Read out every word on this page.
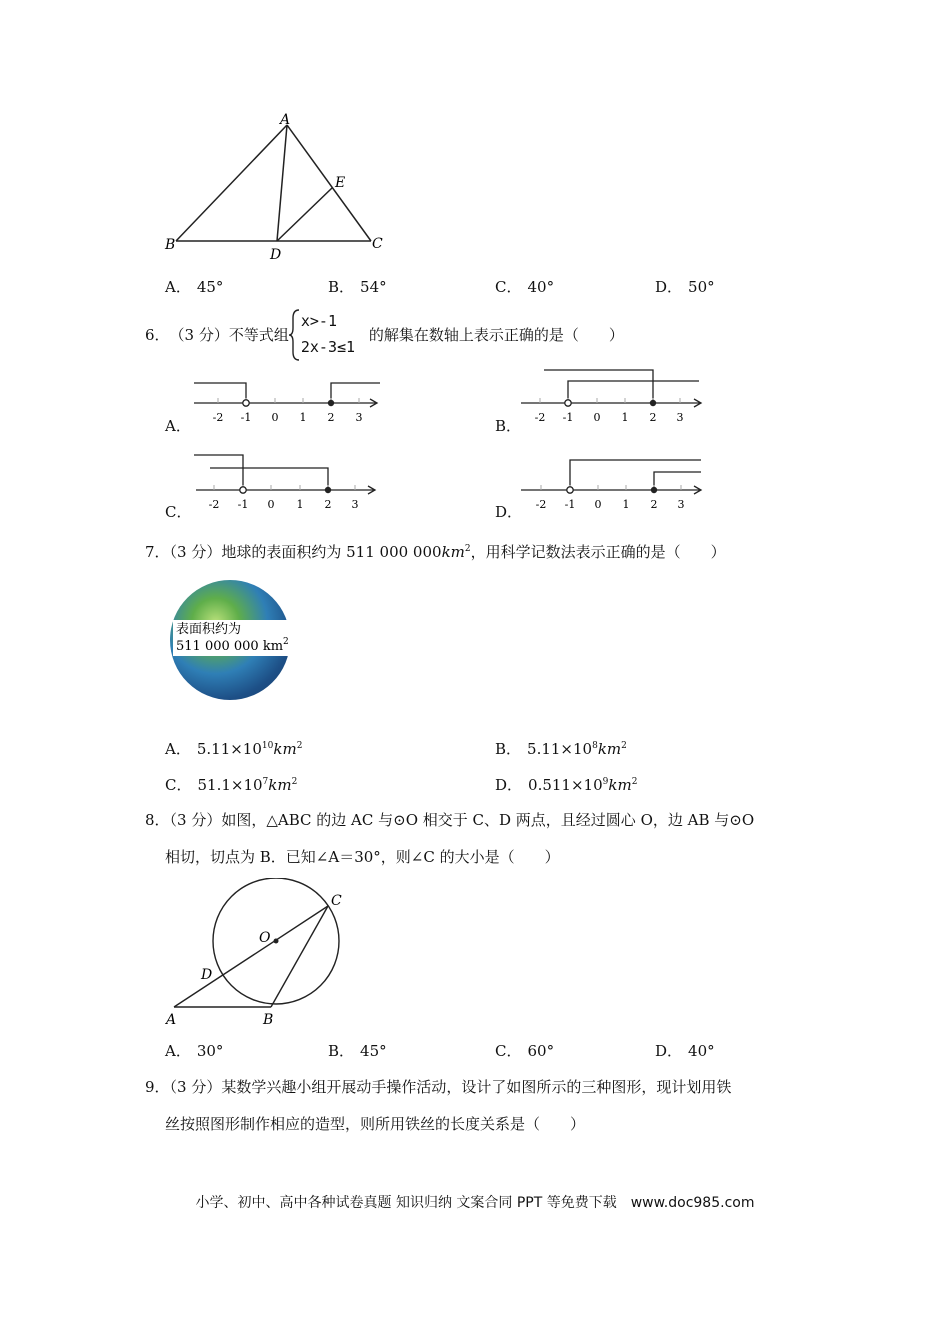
A
B	C
D
E
A． 45°	B． 54°	C． 40°	D． 50°
6． （3 分） 不等式组
x>-1
2x-3≤1
的解集在数轴上表示正确的是（　　）
A．	B．
C．	D．
-2 -1 0 1 2 3	-2 -1 0 1 2 3
-2 -1 0 1 2 3	-2 -1 0 1 2 3
7．（3 分）地球的表面积约为 511 000 $000km^2$，用科学记数法表示正确的是（　　）
表面积约为
511 000 000 $km^2$
A． $5.11\times 10^{10}km^2$	B． $5.11\times 10^8km^2$
C． $51.1\times 10^7km^2$	D． $0.511\times 10^9km^2$
8．（3 分）如图，△ABC 的边 AC 与⊙O 相交于 C、D 两点，且经过圆心 O，边 AB 与⊙O
相切，切点为 B．已知∠A＝30°，则∠C 的大小是（　　）
O
C
D
A	B
A． 30°	B． 45°	C． 60°	D． 40°
9．（3 分）某数学兴趣小组开展动手操作活动，设计了如图所示的三种图形，现计划用铁
丝按照图形制作相应的造型，则所用铁丝的长度关系是（　　）
小学、初中、高中各种试卷真题 知识归纳 文案合同 PPT 等免费下载　www.doc985.com
